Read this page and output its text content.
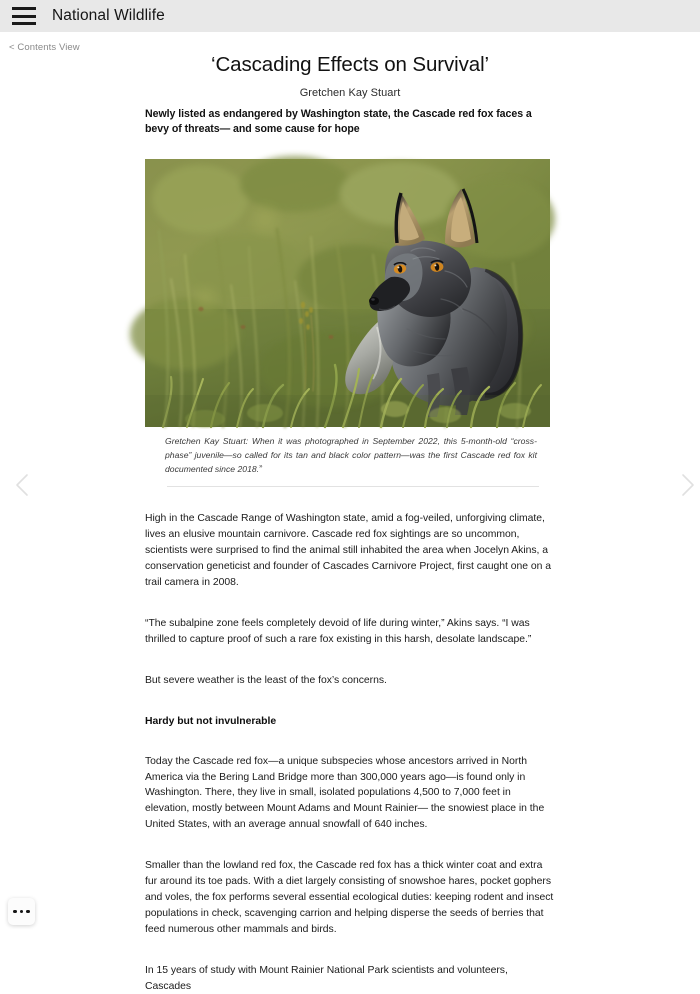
National Wildlife
< Contents View
‘Cascading Effects on Survival’
Gretchen Kay Stuart
Newly listed as endangered by Washington state, the Cascade red fox faces a bevy of threats— and some cause for hope
Gretchen Kay Stuart: When it was photographed in September 2022, this 5-month-old “cross-phase” juvenile—so called for its tan and black color pattern—was the first Cascade red fox kit documented since 2018.»

High in the Cascade Range of Washington state, amid a fog-veiled, unforgiving climate, lives an elusive mountain carnivore. Cascade red fox sightings are so uncommon, scientists were surprised to find the animal still inhabited the area when Jocelyn Akins, a conservation geneticist and founder of Cascades Carnivore Project, first caught one on a trail camera in 2008.

“The subalpine zone feels completely devoid of life during winter,” Akins says. “I was thrilled to capture proof of such a rare fox existing in this harsh, desolate landscape.”

But severe weather is the least of the fox’s concerns.

Hardy but not invulnerable

Today the Cascade red fox—a unique subspecies whose ancestors arrived in North America via the Bering Land Bridge more than 300,000 years ago—is found only in Washington. There, they live in small, isolated populations 4,500 to 7,000 feet in elevation, mostly between Mount Adams and Mount Rainier— the snowiest place in the United States, with an average annual snowfall of 640 inches.

Smaller than the lowland red fox, the Cascade red fox has a thick winter coat and extra fur around its toe pads. With a diet largely consisting of snowshoe hares, pocket gophers and voles, the fox performs several essential ecological duties: keeping rodent and insect populations in check, scavenging carrion and helping disperse the seeds of berries that feed numerous other mammals and birds.

In 15 years of study with Mount Rainier National Park scientists and volunteers, Cascades
